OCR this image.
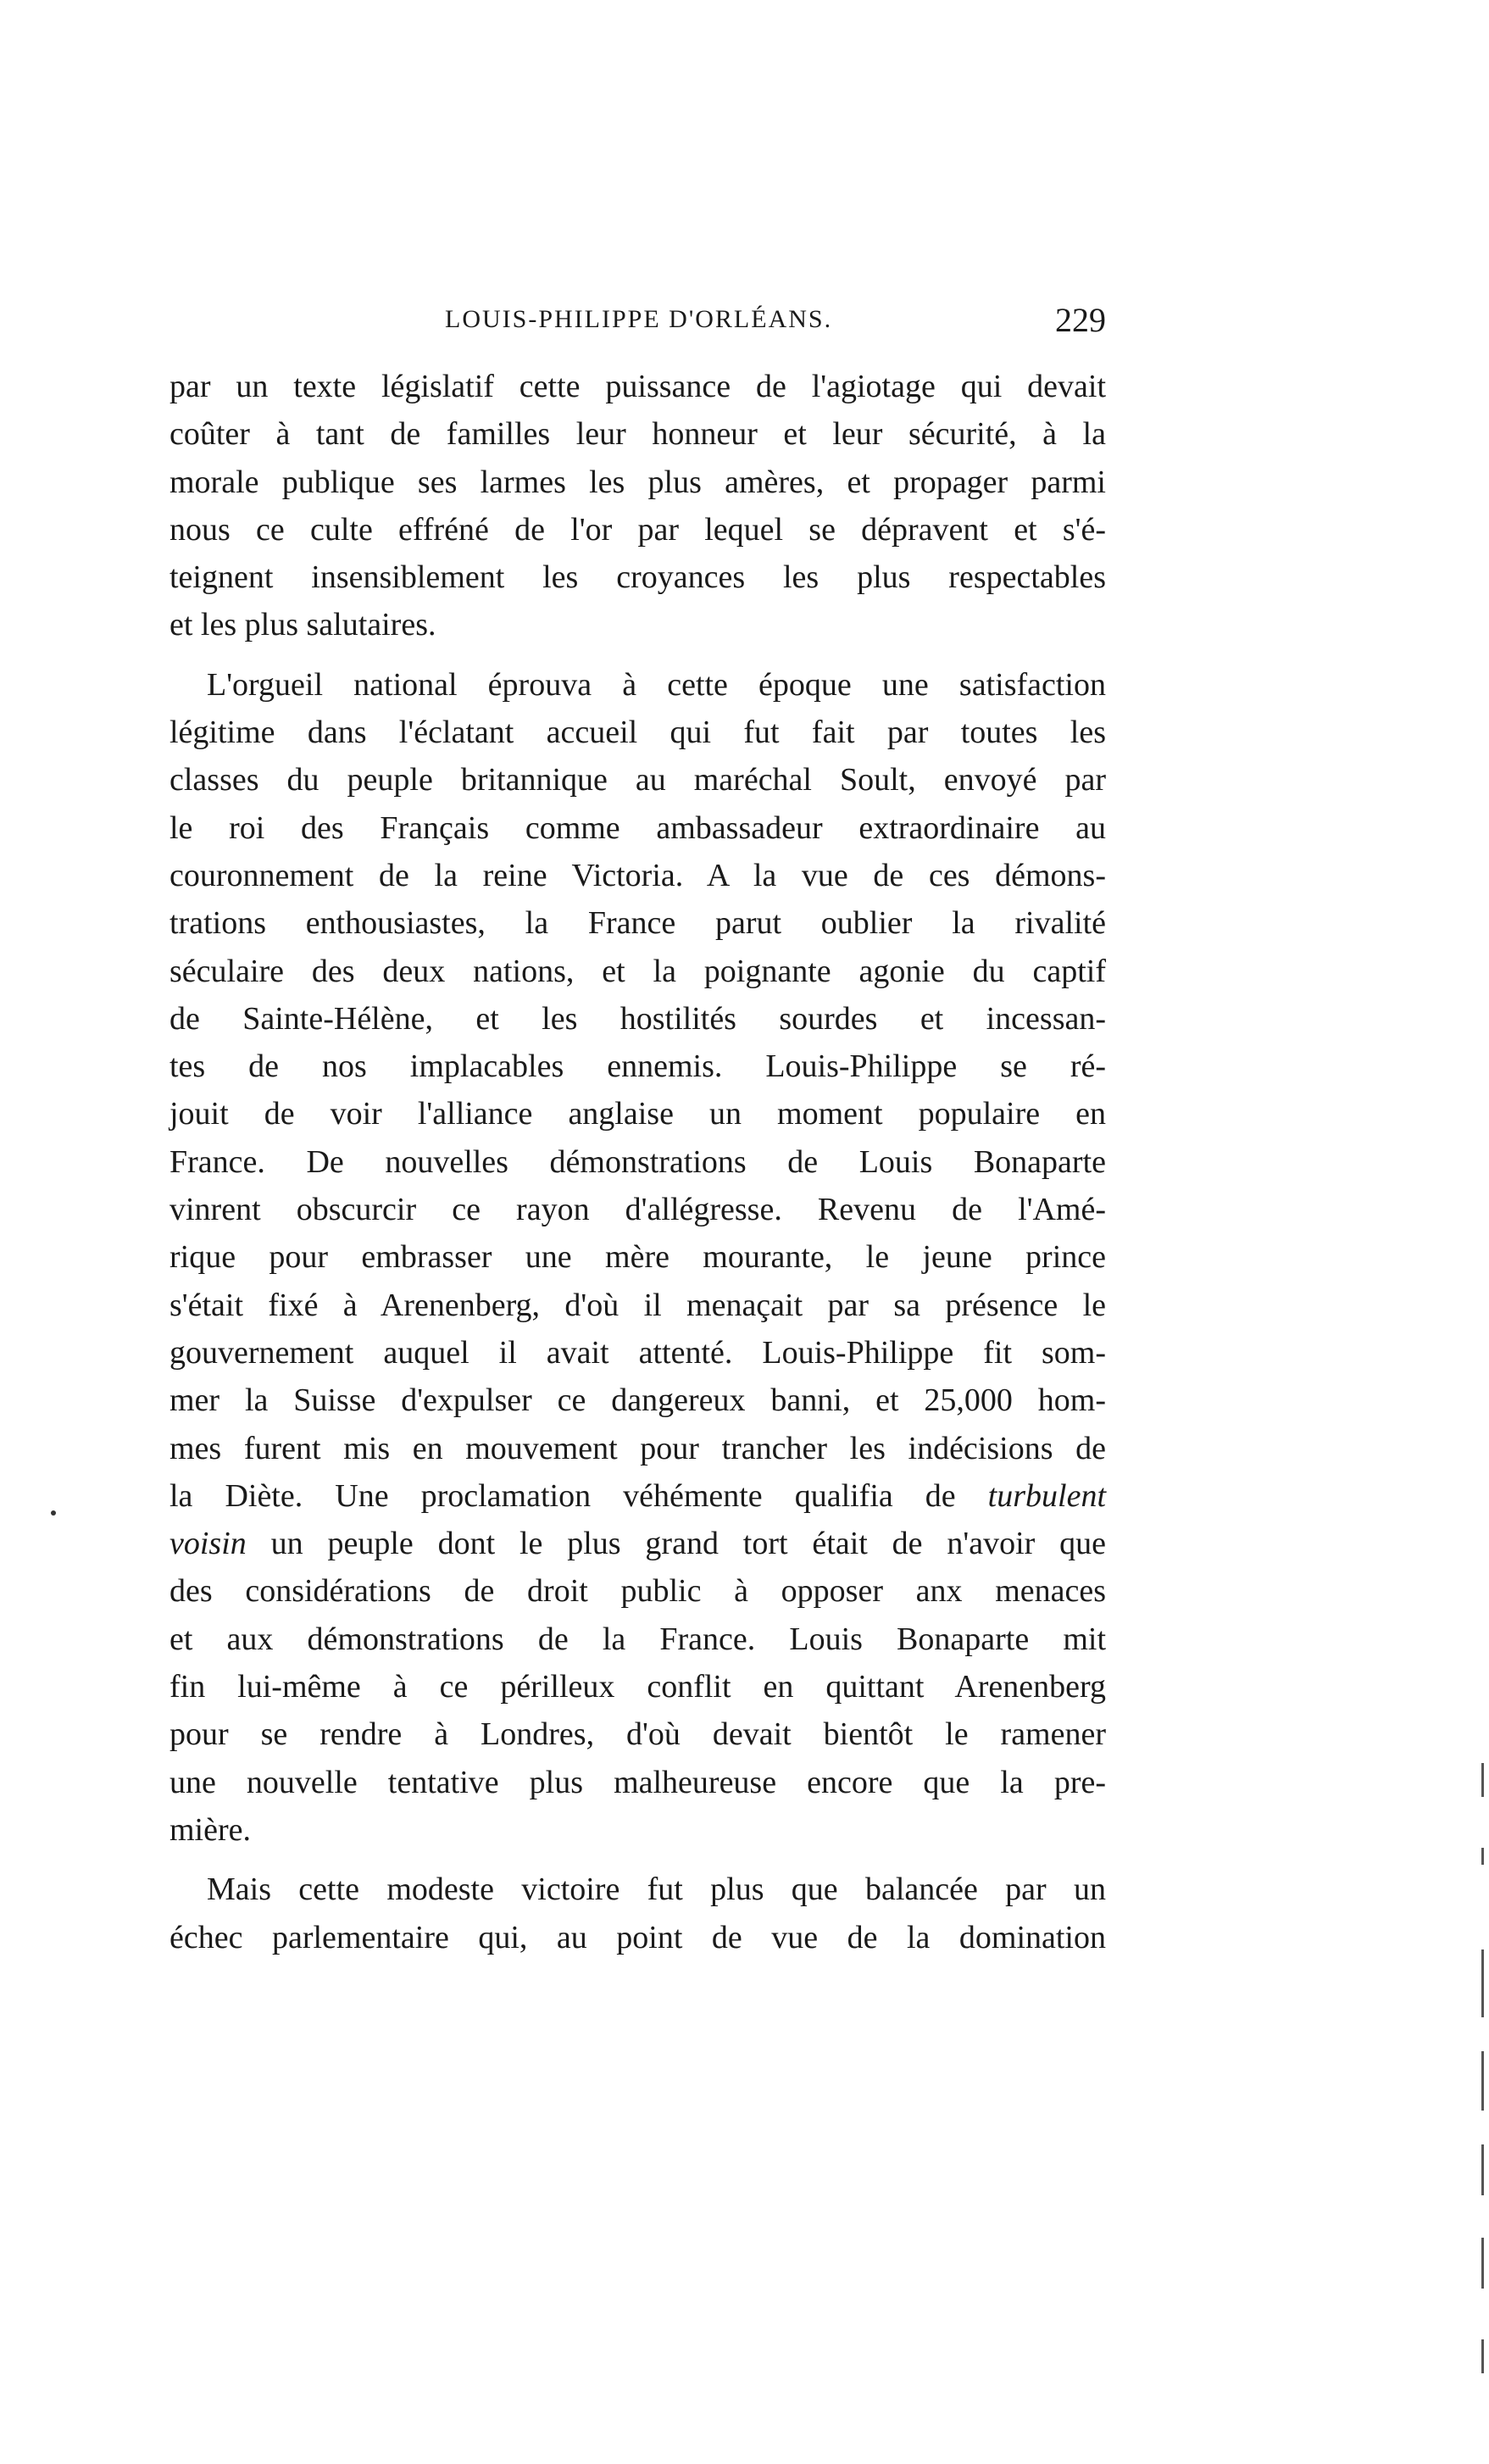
LOUIS-PHILIPPE D'ORLÉANS.	229
par un texte législatif cette puissance de l'agiotage qui devait
coûter à tant de familles leur honneur et leur sécurité, à la
morale publique ses larmes les plus amères, et propager parmi
nous ce culte effréné de l'or par lequel se dépravent et s'é-
teignent insensiblement les croyances les plus respectables
et les plus salutaires.
L'orgueil national éprouva à cette époque une satisfaction
légitime dans l'éclatant accueil qui fut fait par toutes les
classes du peuple britannique au maréchal Soult, envoyé par
le roi des Français comme ambassadeur extraordinaire au
couronnement de la reine Victoria. A la vue de ces démons-
trations enthousiastes, la France parut oublier la rivalité
séculaire des deux nations, et la poignante agonie du captif
de Sainte-Hélène, et les hostilités sourdes et incessan-
tes de nos implacables ennemis. Louis-Philippe se ré-
jouit de voir l'alliance anglaise un moment populaire en
France. De nouvelles démonstrations de Louis Bonaparte
vinrent obscurcir ce rayon d'allégresse. Revenu de l'Amé-
rique pour embrasser une mère mourante, le jeune prince
s'était fixé à Arenenberg, d'où il menaçait par sa présence le
gouvernement auquel il avait attenté. Louis-Philippe fit som-
mer la Suisse d'expulser ce dangereux banni, et 25,000 hom-
mes furent mis en mouvement pour trancher les indécisions de
la Diète. Une proclamation véhémente qualifia de turbulent
voisin un peuple dont le plus grand tort était de n'avoir que
des considérations de droit public à opposer anx menaces
et aux démonstrations de la France. Louis Bonaparte mit
fin lui-même à ce périlleux conflit en quittant Arenenberg
pour se rendre à Londres, d'où devait bientôt le ramener
une nouvelle tentative plus malheureuse encore que la pre-
mière.
Mais cette modeste victoire fut plus que balancée par un
échec parlementaire qui, au point de vue de la domination
